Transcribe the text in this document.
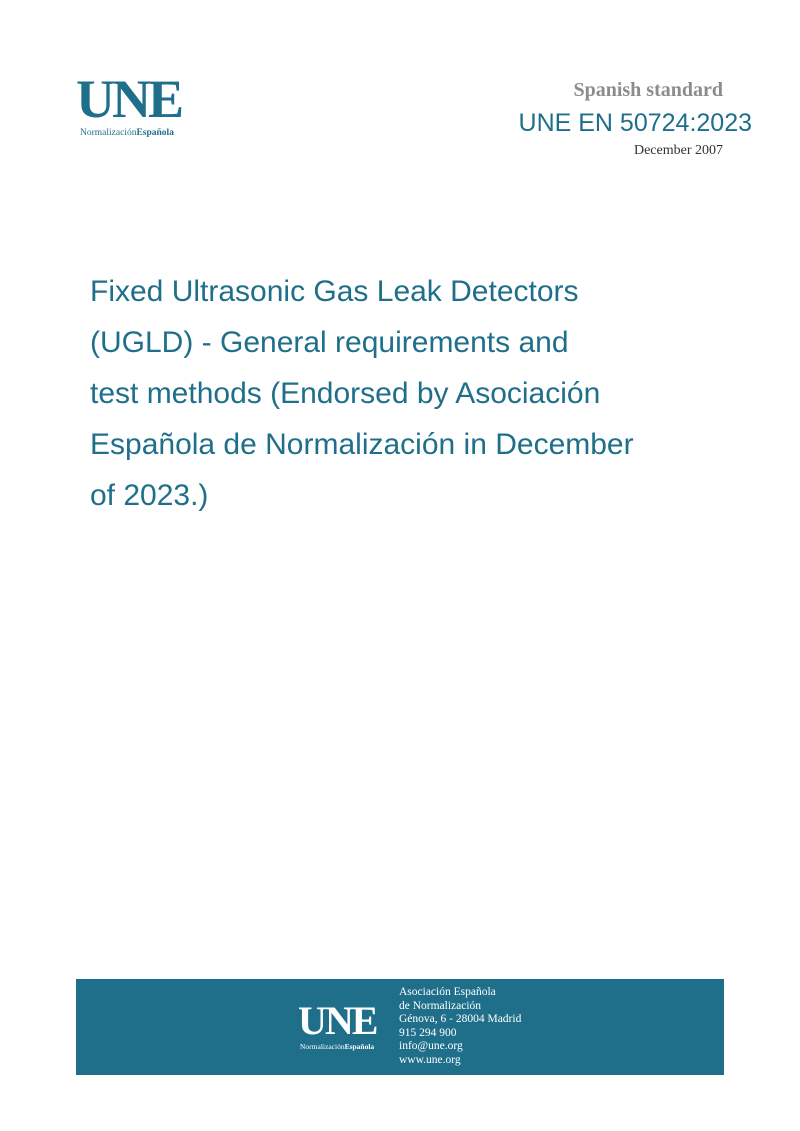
UNE
NormalizaciónEspañola
Spanish standard
UNE EN 50724:2023
December 2007
Fixed Ultrasonic Gas Leak Detectors
(UGLD) - General requirements and
test methods (Endorsed by Asociación
Española de Normalización in December
of 2023.)
UNE
NormalizaciónEspañola
Asociación Española
de Normalización
Génova, 6 - 28004 Madrid
915 294 900
info@une.org
www.une.org
